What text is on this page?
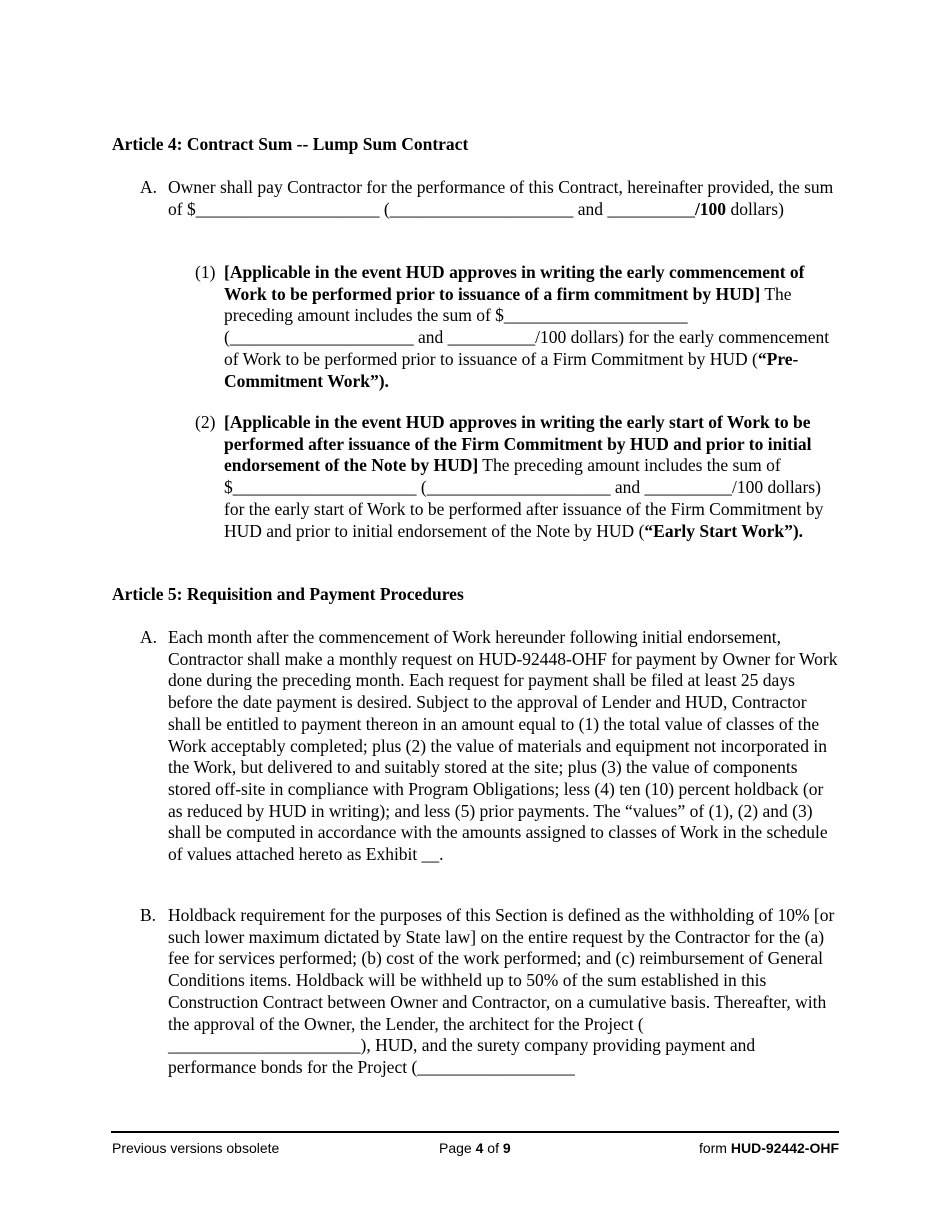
Article 4: Contract Sum -- Lump Sum Contract
A. Owner shall pay Contractor for the performance of this Contract, hereinafter provided, the sum of $_____________________ (_____________________ and __________/100 dollars)
(1) [Applicable in the event HUD approves in writing the early commencement of Work to be performed prior to issuance of a firm commitment by HUD] The preceding amount includes the sum of $_____________________ (_____________________ and __________/100 dollars) for the early commencement of Work to be performed prior to issuance of a Firm Commitment by HUD (“Pre-Commitment Work”).
(2) [Applicable in the event HUD approves in writing the early start of Work to be performed after issuance of the Firm Commitment by HUD and prior to initial endorsement of the Note by HUD] The preceding amount includes the sum of $_____________________ (_____________________ and __________/100 dollars) for the early start of Work to be performed after issuance of the Firm Commitment by HUD and prior to initial endorsement of the Note by HUD (“Early Start Work”).
Article 5: Requisition and Payment Procedures
A. Each month after the commencement of Work hereunder following initial endorsement, Contractor shall make a monthly request on HUD-92448-OHF for payment by Owner for Work done during the preceding month. Each request for payment shall be filed at least 25 days before the date payment is desired. Subject to the approval of Lender and HUD, Contractor shall be entitled to payment thereon in an amount equal to (1) the total value of classes of the Work acceptably completed; plus (2) the value of materials and equipment not incorporated in the Work, but delivered to and suitably stored at the site; plus (3) the value of components stored off-site in compliance with Program Obligations; less (4) ten (10) percent holdback (or as reduced by HUD in writing); and less (5) prior payments. The “values” of (1), (2) and (3) shall be computed in accordance with the amounts assigned to classes of Work in the schedule of values attached hereto as Exhibit __.
B. Holdback requirement for the purposes of this Section is defined as the withholding of 10% [or such lower maximum dictated by State law] on the entire request by the Contractor for the (a) fee for services performed; (b) cost of the work performed; and (c) reimbursement of General Conditions items. Holdback will be withheld up to 50% of the sum established in this Construction Contract between Owner and Contractor, on a cumulative basis. Thereafter, with the approval of the Owner, the Lender, the architect for the Project ( ______________________), HUD, and the surety company providing payment and performance bonds for the Project (__________________
Previous versions obsolete	Page 4 of 9	form HUD-92442-OHF
